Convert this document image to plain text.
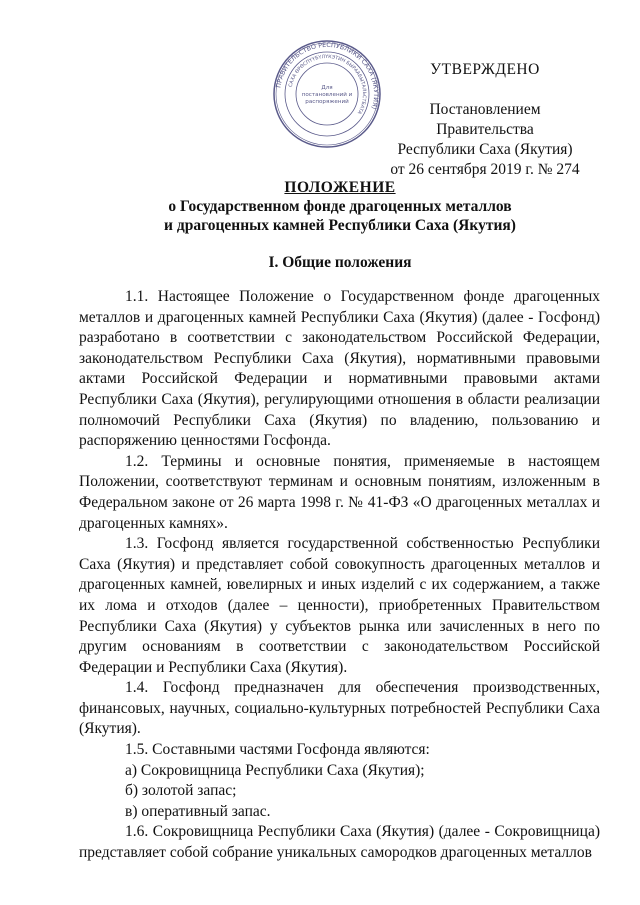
ПРАВИТЕЛЬСТВО РЕСПУБЛИКИ САХА (ЯКУТИЯ)
САХА ӨРӨСПҮҮБҮЛҮКЭТИН БЫРААБЫТАЛЬСТБАТА
Для
постановлений и
распоряжений
УТВЕРЖДЕНО
Постановлением Правительства
Республики Саха (Якутия)
от 26 сентября 2019 г. № 274
ПОЛОЖЕНИЕ
о Государственном фонде драгоценных металлов
и драгоценных камней Республики Саха (Якутия)
I. Общие положения

1.1. Настоящее Положение о Государственном фонде драгоценных металлов и драгоценных камней Республики Саха (Якутия) (далее - Госфонд) разработано в соответствии с законодательством Российской Федерации, законодательством Республики Саха (Якутия), нормативными правовыми актами Российской Федерации и нормативными правовыми актами Республики Саха (Якутия), регулирующими отношения в области реализации полномочий Республики Саха (Якутия) по владению, пользованию и распоряжению ценностями Госфонда.

1.2. Термины и основные понятия, применяемые в настоящем Положении, соответствуют терминам и основным понятиям, изложенным в Федеральном законе от 26 марта 1998 г. № 41-ФЗ «О драгоценных металлах и драгоценных камнях».

1.3. Госфонд является государственной собственностью Республики Саха (Якутия) и представляет собой совокупность драгоценных металлов и драгоценных камней, ювелирных и иных изделий с их содержанием, а также их лома и отходов (далее – ценности), приобретенных Правительством Республики Саха (Якутия) у субъектов рынка или зачисленных в него по другим основаниям в соответствии с законодательством Российской Федерации и Республики Саха (Якутия).

1.4. Госфонд предназначен для обеспечения производственных, финансовых, научных, социально-культурных потребностей Республики Саха (Якутия).

1.5. Составными частями Госфонда являются:

а) Сокровищница Республики Саха (Якутия);

б) золотой запас;

в) оперативный запас.

1.6. Сокровищница Республики Саха (Якутия) (далее - Сокровищница) представляет собой собрание уникальных самородков драгоценных металлов
